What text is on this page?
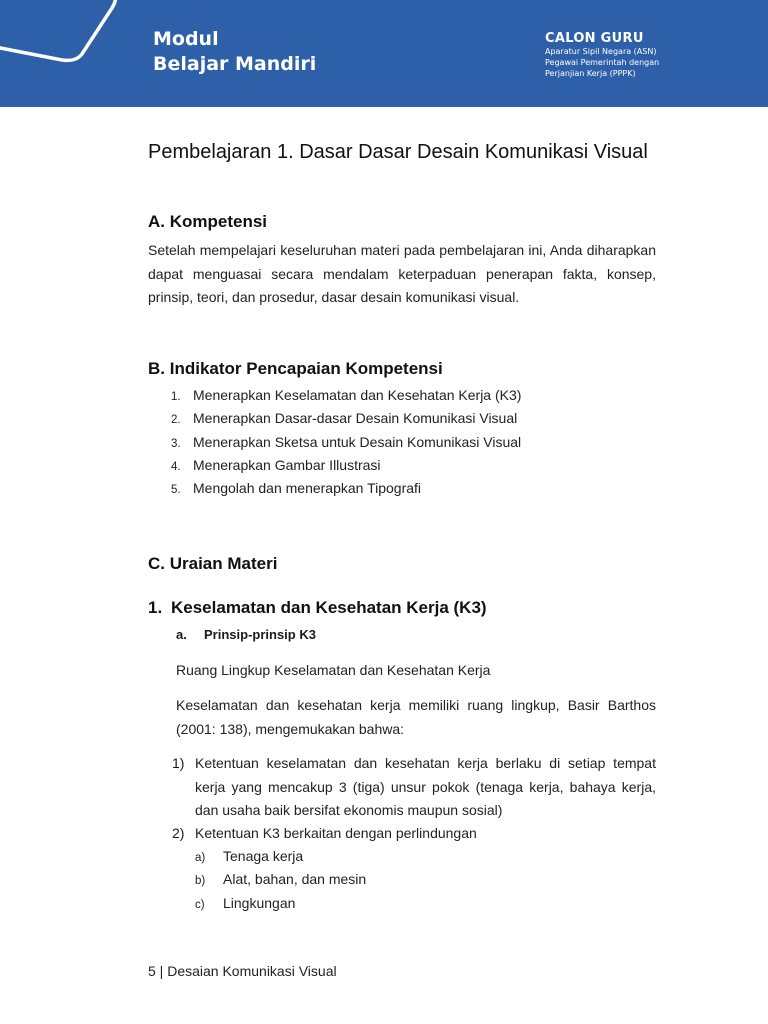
Modul
Belajar Mandiri
CALON GURU
Aparatur Sipil Negara (ASN)
Pegawai Pemerintah dengan
Perjanjian Kerja (PPPK)
Pembelajaran 1. Dasar Dasar Desain Komunikasi Visual
A. Kompetensi
Setelah mempelajari keseluruhan materi pada pembelajaran ini, Anda diharapkan dapat menguasai secara mendalam keterpaduan penerapan fakta, konsep, prinsip, teori, dan prosedur, dasar desain komunikasi visual.
B. Indikator Pencapaian Kompetensi
1. Menerapkan Keselamatan dan Kesehatan Kerja (K3)
2. Menerapkan Dasar-dasar Desain Komunikasi Visual
3. Menerapkan Sketsa untuk Desain Komunikasi Visual
4. Menerapkan Gambar Illustrasi
5. Mengolah dan menerapkan Tipografi
C. Uraian Materi
1. Keselamatan dan Kesehatan Kerja (K3)
a. Prinsip-prinsip K3
Ruang Lingkup Keselamatan dan Kesehatan Kerja
Keselamatan dan kesehatan kerja memiliki ruang lingkup, Basir Barthos (2001: 138), mengemukakan bahwa:
1) Ketentuan keselamatan dan kesehatan kerja berlaku di setiap tempat kerja yang mencakup 3 (tiga) unsur pokok (tenaga kerja, bahaya kerja, dan usaha baik bersifat ekonomis maupun sosial)
2) Ketentuan K3 berkaitan dengan perlindungan
a) Tenaga kerja
b) Alat, bahan, dan mesin
c) Lingkungan
5 | Desaian Komunikasi Visual
